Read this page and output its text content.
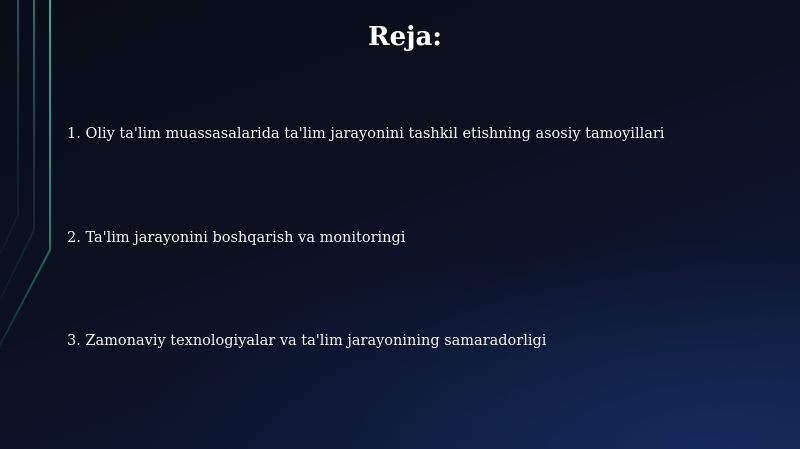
Reja:
1. Oliy ta'lim muassasalarida ta'lim jarayonini tashkil etishning asosiy tamoyillari
2. Ta'lim jarayonini boshqarish va monitoringi
3. Zamonaviy texnologiyalar va ta'lim jarayonining samaradorligi
